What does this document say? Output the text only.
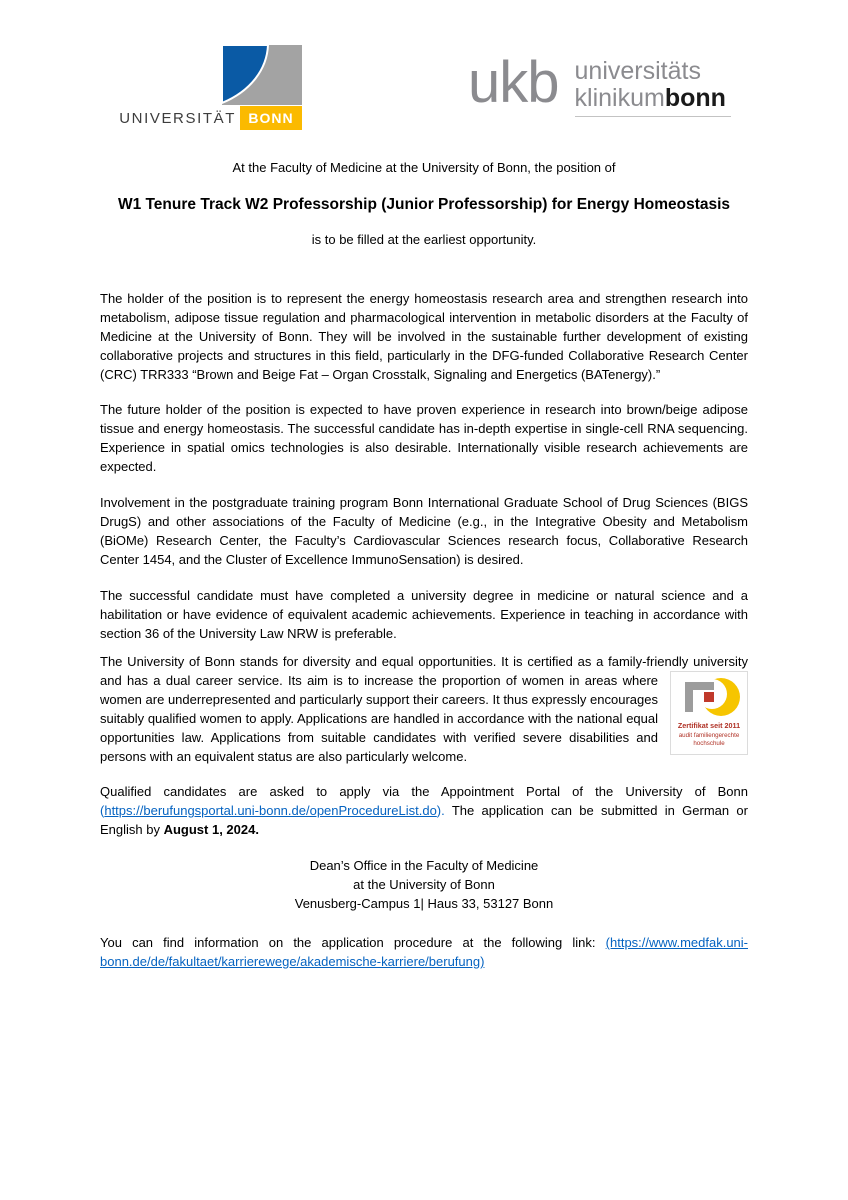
UNIVERSITÄT BONN
ukb universitäts
klinikumbonn

At the Faculty of Medicine at the University of Bonn, the position of

W1 Tenure Track W2 Professorship (Junior Professorship) for Energy Homeostasis

is to be filled at the earliest opportunity.

The holder of the position is to represent the energy homeostasis research area and strengthen research into metabolism, adipose tissue regulation and pharmacological intervention in metabolic disorders at the Faculty of Medicine at the University of Bonn. They will be involved in the sustainable further development of existing collaborative projects and structures in this field, particularly in the DFG-funded Collaborative Research Center (CRC) TRR333 “Brown and Beige Fat – Organ Crosstalk, Signaling and Energetics (BATenergy).”

The future holder of the position is expected to have proven experience in research into brown/beige adipose tissue and energy homeostasis. The successful candidate has in-depth expertise in single-cell RNA sequencing. Experience in spatial omics technologies is also desirable. Internationally visible research achievements are expected.

Involvement in the postgraduate training program Bonn International Graduate School of Drug Sciences (BIGS DrugS) and other associations of the Faculty of Medicine (e.g., in the Integrative Obesity and Metabolism (BiOMe) Research Center, the Faculty’s Cardiovascular Sciences research focus, Collaborative Research Center 1454, and the Cluster of Excellence ImmunoSensation) is desired.

The successful candidate must have completed a university degree in medicine or natural science and a habilitation or have evidence of equivalent academic achievements. Experience in teaching in accordance with section 36 of the University Law NRW is preferable.

Zertifikat seit 2011
audit familiengerechte
hochschule
The University of Bonn stands for diversity and equal opportunities. It is certified as a family-friendly university and has a dual career service. Its aim is to increase the proportion of women in areas where women are underrepresented and particularly support their careers. It thus expressly encourages suitably qualified women to apply. Applications are handled in accordance with the national equal opportunities law. Applications from suitable candidates with verified severe disabilities and persons with an equivalent status are also particularly welcome.

Qualified candidates are asked to apply via the Appointment Portal of the University of Bonn (https://berufungsportal.uni-bonn.de/openProcedureList.do). The application can be submitted in German or English by August 1, 2024.

Dean’s Office in the Faculty of Medicine
at the University of Bonn
Venusberg-Campus 1| Haus 33, 53127 Bonn

You can find information on the application procedure at the following link: (https://www.medfak.uni-bonn.de/de/fakultaet/karrierewege/akademische-karriere/berufung)
